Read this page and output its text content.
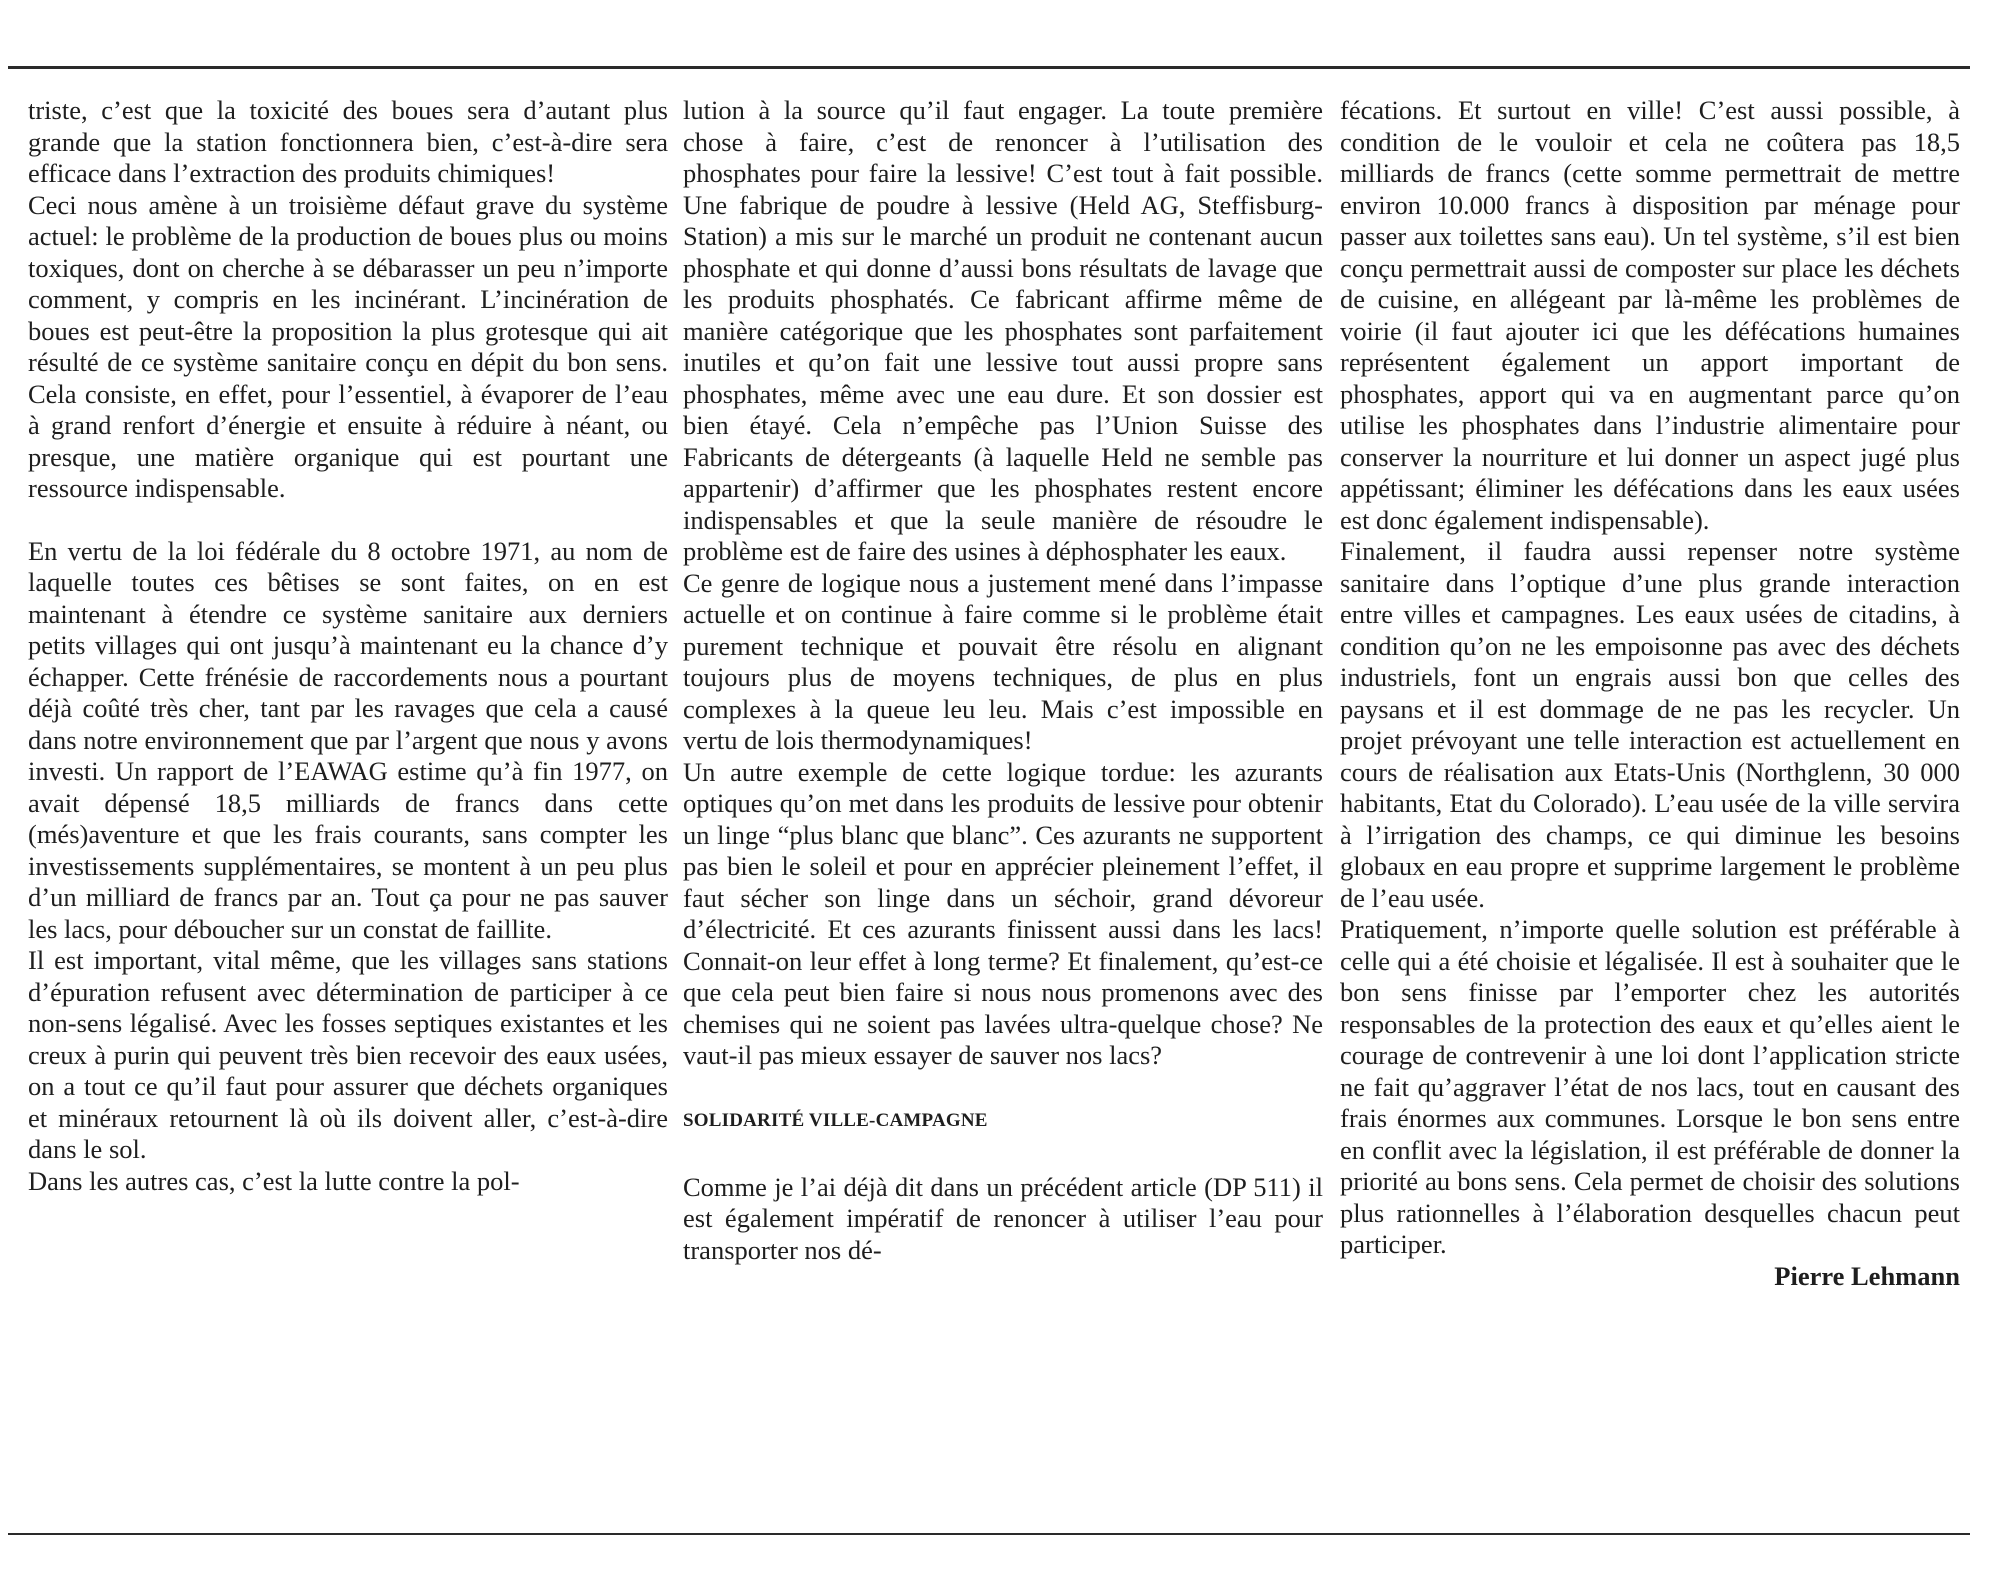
triste, c’est que la toxicité des boues sera d’autant plus grande que la station fonctionnera bien, c’est-à-dire sera efficace dans l’extraction des produits chimiques!

Ceci nous amène à un troisième défaut grave du système actuel: le problème de la production de boues plus ou moins toxiques, dont on cherche à se débarasser un peu n’importe comment, y compris en les incinérant. L’incinération de boues est peut-être la proposition la plus grotesque qui ait résulté de ce système sanitaire conçu en dépit du bon sens. Cela consiste, en effet, pour l’essentiel, à évaporer de l’eau à grand renfort d’énergie et ensuite à réduire à néant, ou presque, une matière organique qui est pourtant une ressource indispensable.

En vertu de la loi fédérale du 8 octobre 1971, au nom de laquelle toutes ces bêtises se sont faites, on en est maintenant à étendre ce système sanitaire aux derniers petits villages qui ont jusqu’à maintenant eu la chance d’y échapper. Cette frénésie de raccordements nous a pourtant déjà coûté très cher, tant par les ravages que cela a causé dans notre environnement que par l’argent que nous y avons investi. Un rapport de l’EAWAG estime qu’à fin 1977, on avait dépensé 18,5 milliards de francs dans cette (més)aventure et que les frais courants, sans compter les investissements supplémentaires, se montent à un peu plus d’un milliard de francs par an. Tout ça pour ne pas sauver les lacs, pour déboucher sur un constat de faillite.

Il est important, vital même, que les villages sans stations d’épuration refusent avec détermination de participer à ce non-sens légalisé. Avec les fosses septiques existantes et les creux à purin qui peuvent très bien recevoir des eaux usées, on a tout ce qu’il faut pour assurer que déchets organiques et minéraux retournent là où ils doivent aller, c’est-à-dire dans le sol.

Dans les autres cas, c’est la lutte contre la pol-

lution à la source qu’il faut engager. La toute première chose à faire, c’est de renoncer à l’utilisation des phosphates pour faire la lessive! C’est tout à fait possible. Une fabrique de poudre à lessive (Held AG, Steffisburg-Station) a mis sur le marché un produit ne contenant aucun phosphate et qui donne d’aussi bons résultats de lavage que les produits phosphatés. Ce fabricant affirme même de manière catégorique que les phosphates sont parfaitement inutiles et qu’on fait une lessive tout aussi propre sans phosphates, même avec une eau dure. Et son dossier est bien étayé. Cela n’empêche pas l’Union Suisse des Fabricants de détergeants (à laquelle Held ne semble pas appartenir) d’affirmer que les phosphates restent encore indispensables et que la seule manière de résoudre le problème est de faire des usines à déphosphater les eaux.

Ce genre de logique nous a justement mené dans l’impasse actuelle et on continue à faire comme si le problème était purement technique et pouvait être résolu en alignant toujours plus de moyens techniques, de plus en plus complexes à la queue leu leu. Mais c’est impossible en vertu de lois thermodynamiques!

Un autre exemple de cette logique tordue: les azurants optiques qu’on met dans les produits de lessive pour obtenir un linge “plus blanc que blanc”. Ces azurants ne supportent pas bien le soleil et pour en apprécier pleinement l’effet, il faut sécher son linge dans un séchoir, grand dévoreur d’électricité. Et ces azurants finissent aussi dans les lacs! Connait-on leur effet à long terme? Et finalement, qu’est-ce que cela peut bien faire si nous nous promenons avec des chemises qui ne soient pas lavées ultra-quelque chose? Ne vaut-il pas mieux essayer de sauver nos lacs?

SOLIDARITÉ VILLE-CAMPAGNE

Comme je l’ai déjà dit dans un précédent article (DP 511) il est également impératif de renoncer à utiliser l’eau pour transporter nos dé-

fécations. Et surtout en ville! C’est aussi possible, à condition de le vouloir et cela ne coûtera pas 18,5 milliards de francs (cette somme permettrait de mettre environ 10.000 francs à disposition par ménage pour passer aux toilettes sans eau). Un tel système, s’il est bien conçu permettrait aussi de composter sur place les déchets de cuisine, en allégeant par là-même les problèmes de voirie (il faut ajouter ici que les défécations humaines représentent également un apport important de phosphates, apport qui va en augmentant parce qu’on utilise les phosphates dans l’industrie alimentaire pour conserver la nourriture et lui donner un aspect jugé plus appétissant; éliminer les défécations dans les eaux usées est donc également indispensable).

Finalement, il faudra aussi repenser notre système sanitaire dans l’optique d’une plus grande interaction entre villes et campagnes. Les eaux usées de citadins, à condition qu’on ne les empoisonne pas avec des déchets industriels, font un engrais aussi bon que celles des paysans et il est dommage de ne pas les recycler. Un projet prévoyant une telle interaction est actuellement en cours de réalisation aux Etats-Unis (Northglenn, 30 000 habitants, Etat du Colorado). L’eau usée de la ville servira à l’irrigation des champs, ce qui diminue les besoins globaux en eau propre et supprime largement le problème de l’eau usée.

Pratiquement, n’importe quelle solution est préférable à celle qui a été choisie et légalisée. Il est à souhaiter que le bon sens finisse par l’emporter chez les autorités responsables de la protection des eaux et qu’elles aient le courage de contrevenir à une loi dont l’application stricte ne fait qu’aggraver l’état de nos lacs, tout en causant des frais énormes aux communes. Lorsque le bon sens entre en conflit avec la législation, il est préférable de donner la priorité au bons sens. Cela permet de choisir des solutions plus rationnelles à l’élaboration desquelles chacun peut participer.

Pierre Lehmann
